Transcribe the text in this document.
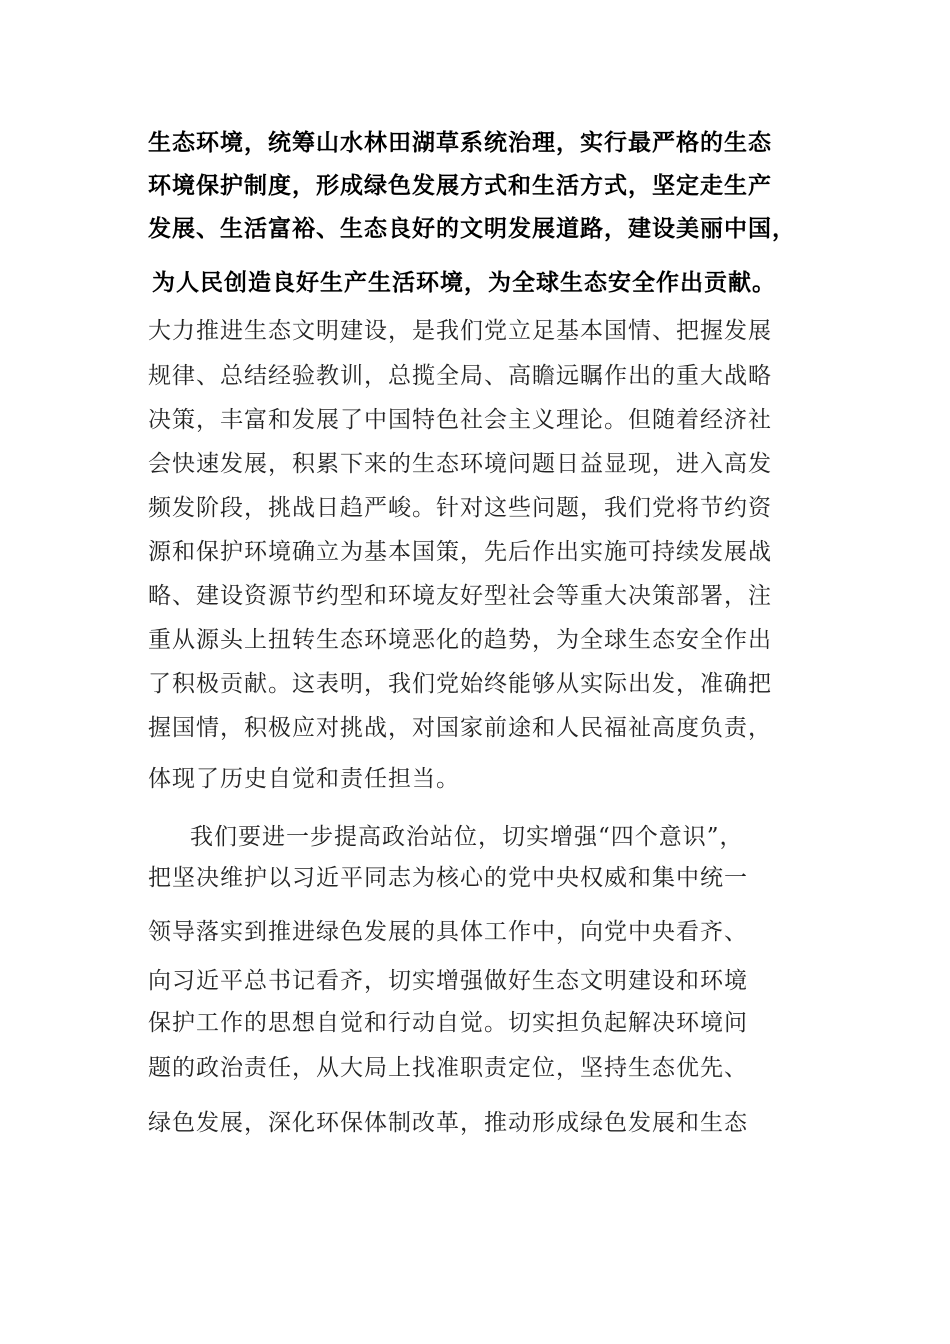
生态环境，统筹山水林田湖草系统治理，实行最严格的生态
环境保护制度，形成绿色发展方式和生活方式，坚定走生产
发展、生活富裕、生态良好的文明发展道路，建设美丽中国，
为人民创造良好生产生活环境，为全球生态安全作出贡献。
大力推进生态文明建设，是我们党立足基本国情、把握发展
规律、总结经验教训，总揽全局、高瞻远瞩作出的重大战略
决策，丰富和发展了中国特色社会主义理论。但随着经济社
会快速发展，积累下来的生态环境问题日益显现，进入高发
频发阶段，挑战日趋严峻。针对这些问题，我们党将节约资
源和保护环境确立为基本国策，先后作出实施可持续发展战
略、建设资源节约型和环境友好型社会等重大决策部署，注
重从源头上扭转生态环境恶化的趋势，为全球生态安全作出
了积极贡献。这表明，我们党始终能够从实际出发，准确把
握国情，积极应对挑战，对国家前途和人民福祉高度负责，
体现了历史自觉和责任担当。
我们要进一步提高政治站位，切实增强“四个意识”，
把坚决维护以习近平同志为核心的党中央权威和集中统一
领导落实到推进绿色发展的具体工作中，向党中央看齐、
向习近平总书记看齐，切实增强做好生态文明建设和环境
保护工作的思想自觉和行动自觉。切实担负起解决环境问
题的政治责任，从大局上找准职责定位，坚持生态优先、
绿色发展，深化环保体制改革，推动形成绿色发展和生态
